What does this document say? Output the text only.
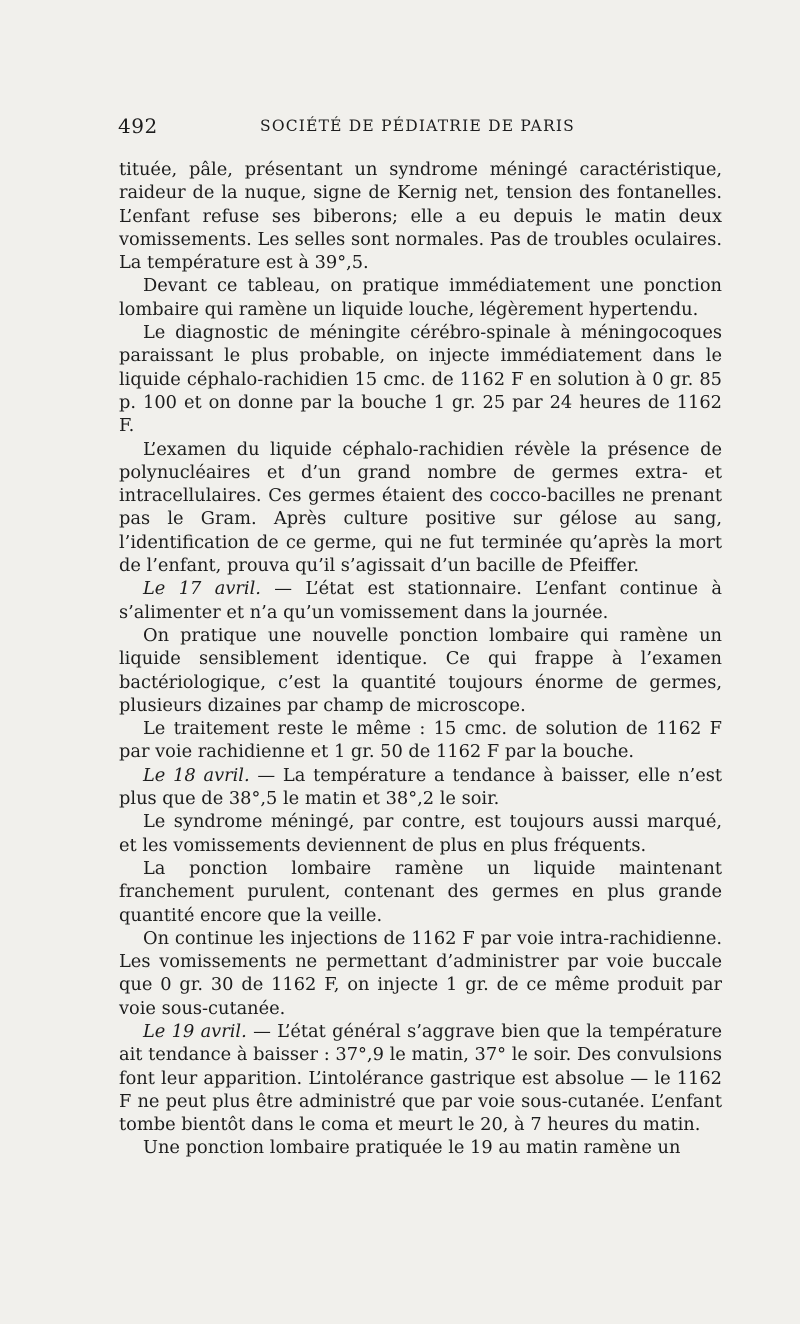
492	SOCIÉTÉ DE PÉDIATRIE DE PARIS

tituée, pâle, présentant un syndrome méningé caractéristique, raideur de la nuque, signe de Kernig net, tension des fontanelles. L’enfant refuse ses biberons; elle a eu depuis le matin deux vomissements. Les selles sont normales. Pas de troubles oculaires. La température est à 39°,5.

Devant ce tableau, on pratique immédiatement une ponction lombaire qui ramène un liquide louche, légèrement hypertendu.

Le diagnostic de méningite cérébro-spinale à méningocoques paraissant le plus probable, on injecte immédiatement dans le liquide céphalo-rachidien 15 cmc. de 1162 F en solution à 0 gr. 85 p. 100 et on donne par la bouche 1 gr. 25 par 24 heures de 1162 F.

L’examen du liquide céphalo-rachidien révèle la présence de polynucléaires et d’un grand nombre de germes extra- et intracellulaires. Ces germes étaient des cocco-bacilles ne prenant pas le Gram. Après culture positive sur gélose au sang, l’identification de ce germe, qui ne fut terminée qu’après la mort de l’enfant, prouva qu’il s’agissait d’un bacille de Pfeiffer.

Le 17 avril. — L’état est stationnaire. L’enfant continue à s’alimenter et n’a qu’un vomissement dans la journée.

On pratique une nouvelle ponction lombaire qui ramène un liquide sensiblement identique. Ce qui frappe à l’examen bactériologique, c’est la quantité toujours énorme de germes, plusieurs dizaines par champ de microscope.

Le traitement reste le même : 15 cmc. de solution de 1162 F par voie rachidienne et 1 gr. 50 de 1162 F par la bouche.

Le 18 avril. — La température a tendance à baisser, elle n’est plus que de 38°,5 le matin et 38°,2 le soir.

Le syndrome méningé, par contre, est toujours aussi marqué, et les vomissements deviennent de plus en plus fréquents.

La ponction lombaire ramène un liquide maintenant franchement purulent, contenant des germes en plus grande quantité encore que la veille.

On continue les injections de 1162 F par voie intra-rachidienne. Les vomissements ne permettant d’administrer par voie buccale que 0 gr. 30 de 1162 F, on injecte 1 gr. de ce même produit par voie sous-cutanée.

Le 19 avril. — L’état général s’aggrave bien que la température ait tendance à baisser : 37°,9 le matin, 37° le soir. Des convulsions font leur apparition. L’intolérance gastrique est absolue — le 1162 F ne peut plus être administré que par voie sous-cutanée. L’enfant tombe bientôt dans le coma et meurt le 20, à 7 heures du matin.

Une ponction lombaire pratiquée le 19 au matin ramène un
